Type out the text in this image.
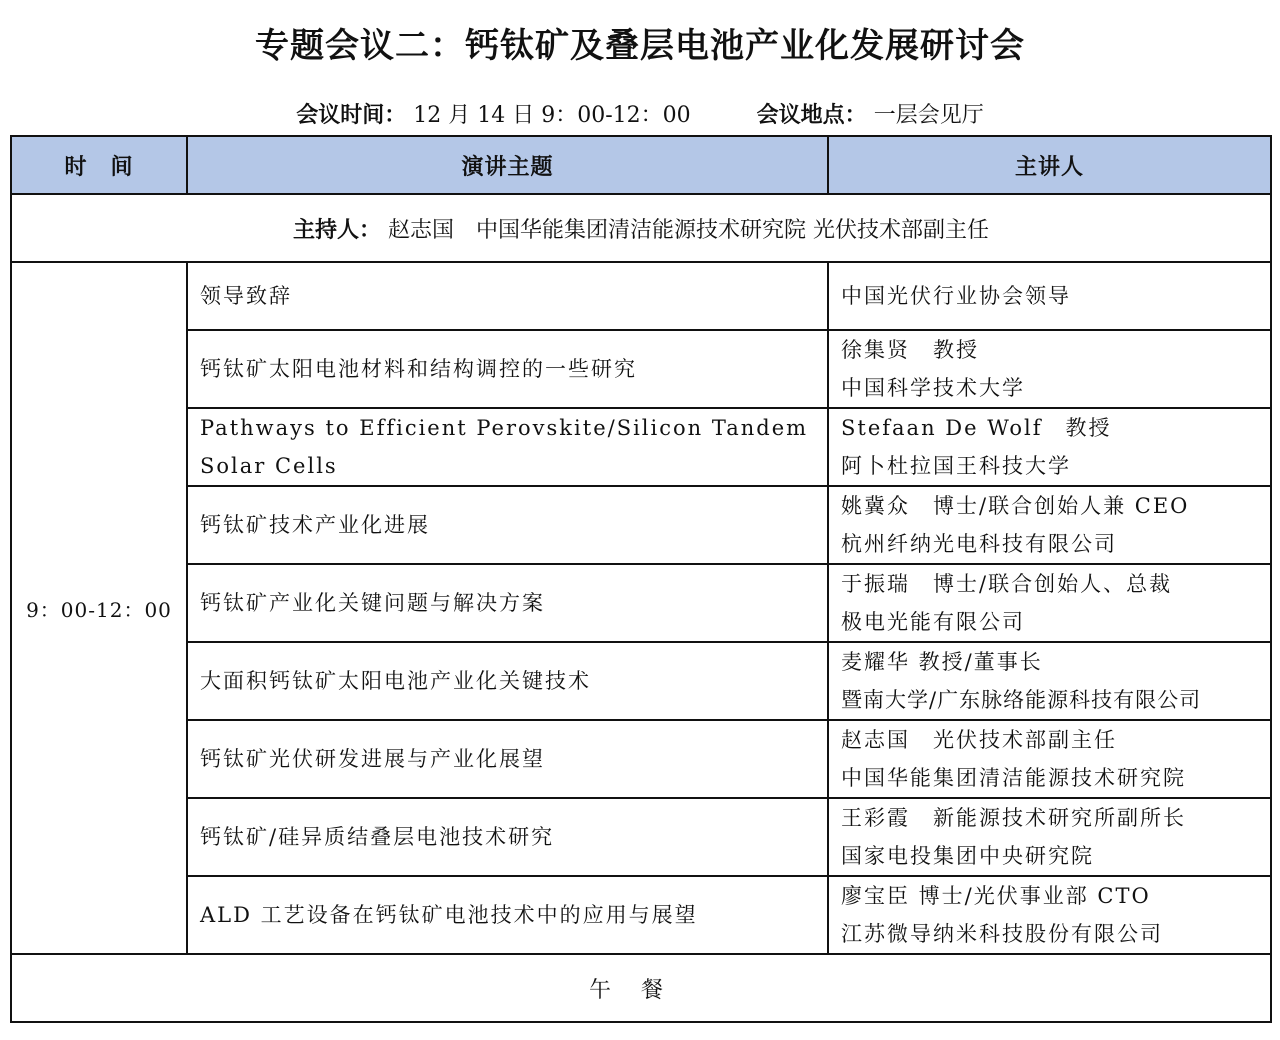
专题会议二：钙钛矿及叠层电池产业化发展研讨会
会议时间： 12 月 14 日 9：00-12：00	会议地点： 一层会见厅
时　间	演讲主题	主讲人
主持人： 赵志国　中国华能集团清洁能源技术研究院 光伏技术部副主任		
9：00-12：00	领导致辞	中国光伏行业协会领导

	钙钛矿太阳电池材料和结构调控的一些研究	徐集贤　教授
中国科学技术大学

	Pathways to Efficient Perovskite/Silicon Tandem Solar Cells	Stefaan De Wolf　教授
阿卜杜拉国王科技大学

	钙钛矿技术产业化进展	姚冀众　博士/联合创始人兼 CEO
杭州纤纳光电科技有限公司

	钙钛矿产业化关键问题与解决方案	于振瑞　博士/联合创始人、总裁
极电光能有限公司

	大面积钙钛矿太阳电池产业化关键技术	麦耀华 教授/董事长
暨南大学/广东脉络能源科技有限公司

	钙钛矿光伏研发进展与产业化展望	赵志国　光伏技术部副主任
中国华能集团清洁能源技术研究院

	钙钛矿/硅异质结叠层电池技术研究	王彩霞　新能源技术研究所副所长
国家电投集团中央研究院

	ALD 工艺设备在钙钛矿电池技术中的应用与展望	廖宝臣 博士/光伏事业部 CTO
江苏微导纳米科技股份有限公司

午餐		
